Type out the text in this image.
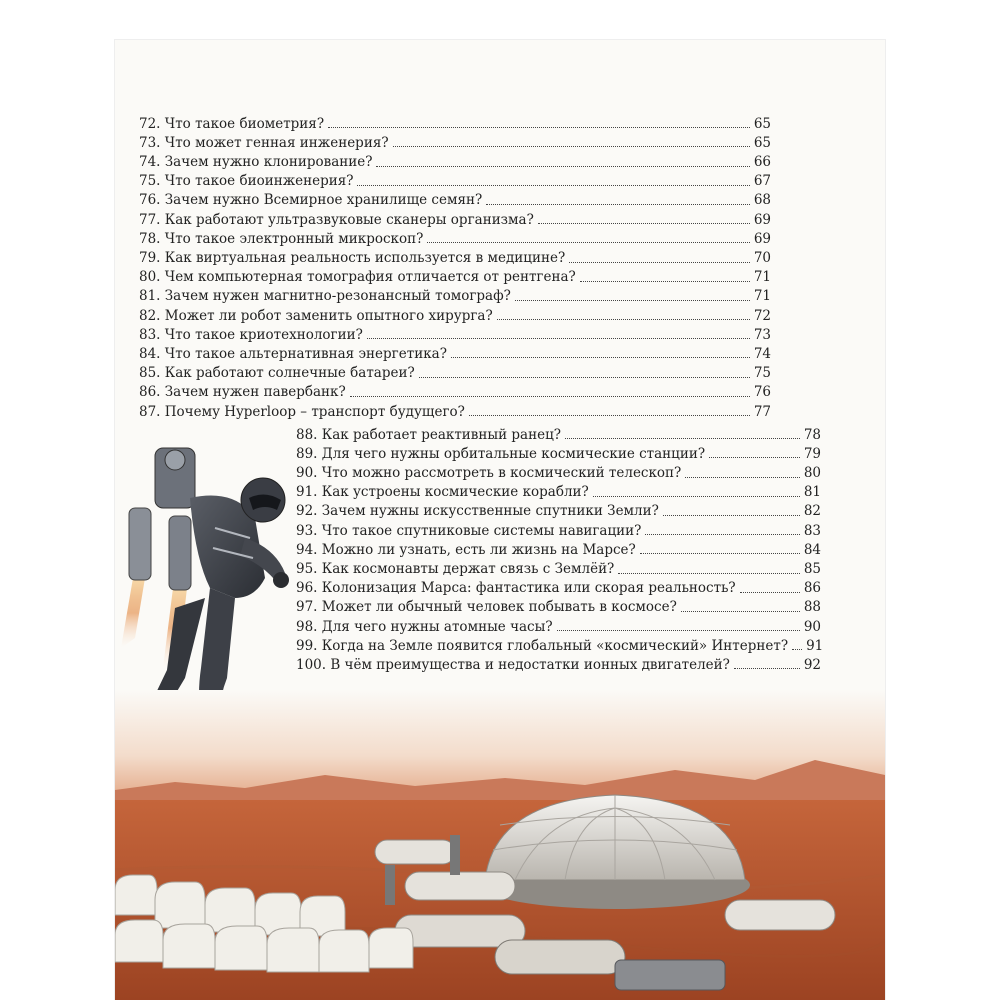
72. Что такое биометрия?	65
73. Что может генная инженерия?	65
74. Зачем нужно клонирование?	66
75. Что такое биоинженерия?	67
76. Зачем нужно Всемирное хранилище семян?	68
77. Как работают ультразвуковые сканеры организма?	69
78. Что такое электронный микроскоп?	69
79. Как виртуальная реальность используется в медицине?	70
80. Чем компьютерная томография отличается от рентгена?	71
81. Зачем нужен магнитно-резонансный томограф?	71
82. Может ли робот заменить опытного хирурга?	72
83. Что такое криотехнологии?	73
84. Что такое альтернативная энергетика?	74
85. Как работают солнечные батареи?	75
86. Зачем нужен павербанк?	76
87. Почему Hyperloop – транспорт будущего?	77
88. Как работает реактивный ранец?	78
89. Для чего нужны орбитальные космические станции?	79
90. Что можно рассмотреть в космический телескоп?	80
91. Как устроены космические корабли?	81
92. Зачем нужны искусственные спутники Земли?	82
93. Что такое спутниковые системы навигации?	83
94. Можно ли узнать, есть ли жизнь на Марсе?	84
95. Как космонавты держат связь с Землёй?	85
96. Колонизация Марса: фантастика или скорая реальность?	86
97. Может ли обычный человек побывать в космосе?	88
98. Для чего нужны атомные часы?	90
99. Когда на Земле появится глобальный «космический» Интернет? 91
100. В чём преимущества и недостатки ионных двигателей?	92
